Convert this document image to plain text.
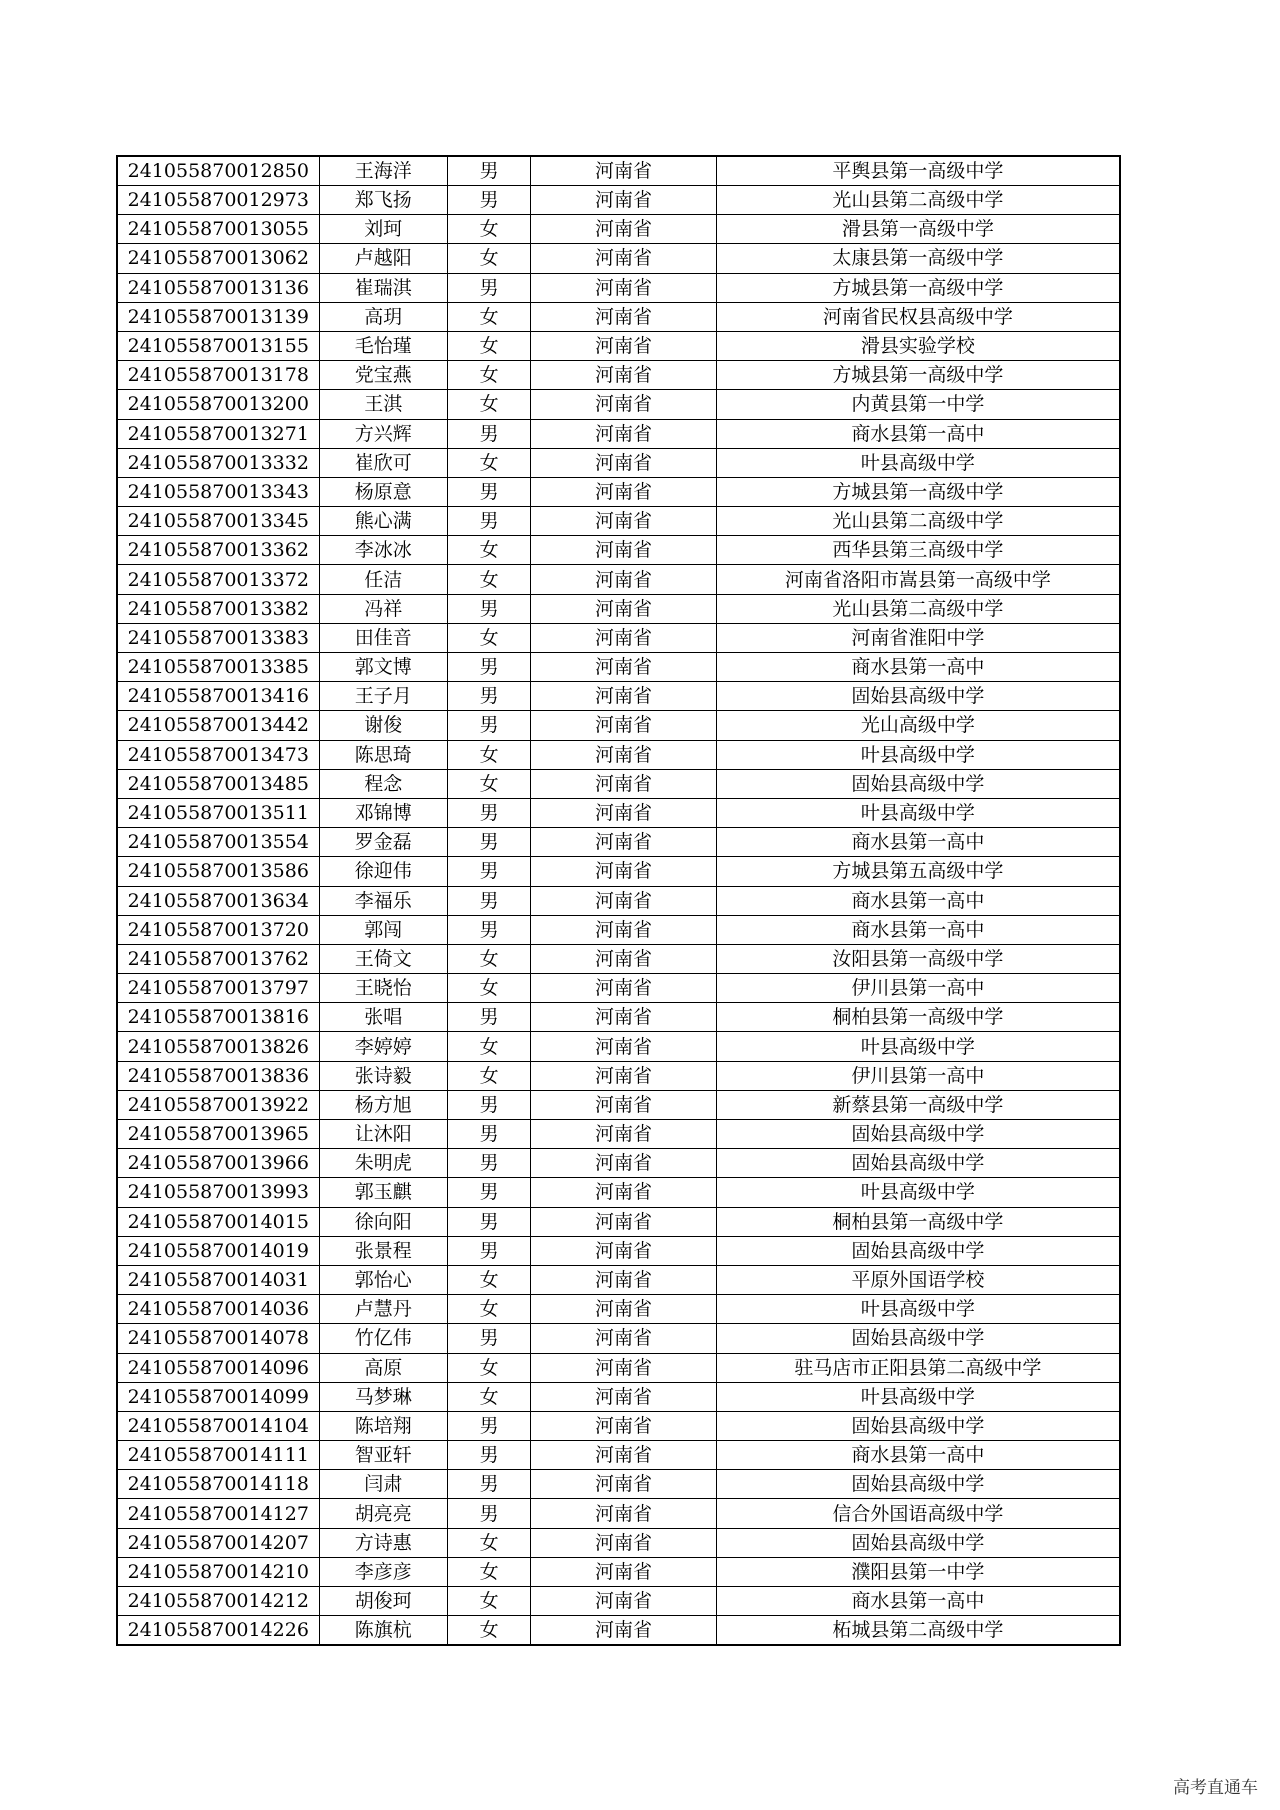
241055870012850	王海洋	男	河南省	平舆县第一高级中学
241055870012973	郑飞扬	男	河南省	光山县第二高级中学
241055870013055	刘珂	女	河南省	滑县第一高级中学
241055870013062	卢越阳	女	河南省	太康县第一高级中学
241055870013136	崔瑞淇	男	河南省	方城县第一高级中学
241055870013139	高玥	女	河南省	河南省民权县高级中学
241055870013155	毛怡瑾	女	河南省	滑县实验学校
241055870013178	党宝燕	女	河南省	方城县第一高级中学
241055870013200	王淇	女	河南省	内黄县第一中学
241055870013271	方兴辉	男	河南省	商水县第一高中
241055870013332	崔欣可	女	河南省	叶县高级中学
241055870013343	杨原意	男	河南省	方城县第一高级中学
241055870013345	熊心满	男	河南省	光山县第二高级中学
241055870013362	李冰冰	女	河南省	西华县第三高级中学
241055870013372	任洁	女	河南省	河南省洛阳市嵩县第一高级中学
241055870013382	冯祥	男	河南省	光山县第二高级中学
241055870013383	田佳音	女	河南省	河南省淮阳中学
241055870013385	郭文博	男	河南省	商水县第一高中
241055870013416	王子月	男	河南省	固始县高级中学
241055870013442	谢俊	男	河南省	光山高级中学
241055870013473	陈思琦	女	河南省	叶县高级中学
241055870013485	程念	女	河南省	固始县高级中学
241055870013511	邓锦博	男	河南省	叶县高级中学
241055870013554	罗金磊	男	河南省	商水县第一高中
241055870013586	徐迎伟	男	河南省	方城县第五高级中学
241055870013634	李福乐	男	河南省	商水县第一高中
241055870013720	郭闯	男	河南省	商水县第一高中
241055870013762	王倚文	女	河南省	汝阳县第一高级中学
241055870013797	王晓怡	女	河南省	伊川县第一高中
241055870013816	张唱	男	河南省	桐柏县第一高级中学
241055870013826	李婷婷	女	河南省	叶县高级中学
241055870013836	张诗毅	女	河南省	伊川县第一高中
241055870013922	杨方旭	男	河南省	新蔡县第一高级中学
241055870013965	让沐阳	男	河南省	固始县高级中学
241055870013966	朱明虎	男	河南省	固始县高级中学
241055870013993	郭玉麒	男	河南省	叶县高级中学
241055870014015	徐向阳	男	河南省	桐柏县第一高级中学
241055870014019	张景程	男	河南省	固始县高级中学
241055870014031	郭怡心	女	河南省	平原外国语学校
241055870014036	卢慧丹	女	河南省	叶县高级中学
241055870014078	竹亿伟	男	河南省	固始县高级中学
241055870014096	高原	女	河南省	驻马店市正阳县第二高级中学
241055870014099	马梦琳	女	河南省	叶县高级中学
241055870014104	陈培翔	男	河南省	固始县高级中学
241055870014111	智亚轩	男	河南省	商水县第一高中
241055870014118	闫肃	男	河南省	固始县高级中学
241055870014127	胡亮亮	男	河南省	信合外国语高级中学
241055870014207	方诗惠	女	河南省	固始县高级中学
241055870014210	李彦彦	女	河南省	濮阳县第一中学
241055870014212	胡俊珂	女	河南省	商水县第一高中
241055870014226	陈旗杭	女	河南省	柘城县第二高级中学
高考直通车
